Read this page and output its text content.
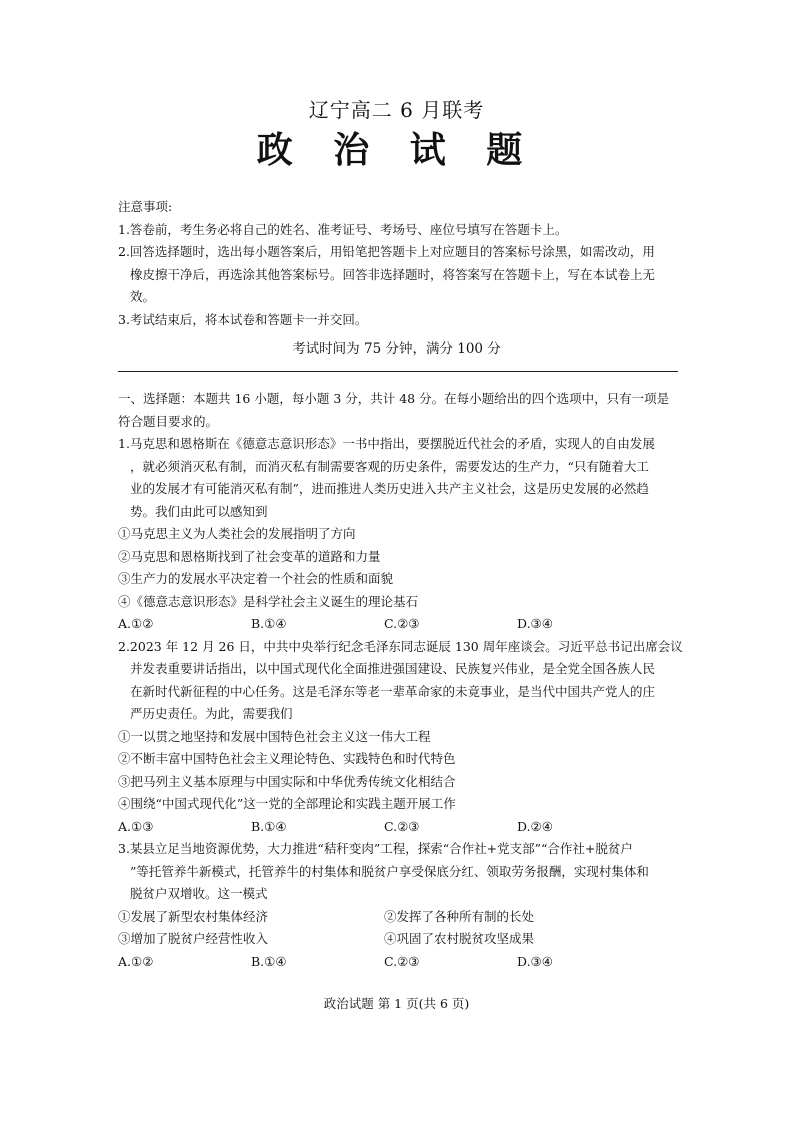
辽宁高二 6 月联考
政 治 试 题
注意事项:
1.答卷前，考生务必将自己的姓名、准考证号、考场号、座位号填写在答题卡上。
2.回答选择题时，选出每小题答案后，用铅笔把答题卡上对应题目的答案标号涂黑，如需改动，用
橡皮擦干净后，再选涂其他答案标号。回答非选择题时，将答案写在答题卡上，写在本试卷上无
效。
3.考试结束后，将本试卷和答题卡一并交回。
考试时间为 75 分钟，满分 100 分
一、选择题：本题共 16 小题，每小题 3 分，共计 48 分。在每小题给出的四个选项中，只有一项是
符合题目要求的。
1.马克思和恩格斯在《德意志意识形态》一书中指出，要摆脱近代社会的矛盾，实现人的自由发展
，就必须消灭私有制，而消灭私有制需要客观的历史条件，需要发达的生产力，“只有随着大工
业的发展才有可能消灭私有制”，进而推进人类历史进入共产主义社会，这是历史发展的必然趋
势。我们由此可以感知到
①马克思主义为人类社会的发展指明了方向
②马克思和恩格斯找到了社会变革的道路和力量
③生产力的发展水平决定着一个社会的性质和面貌
④《德意志意识形态》是科学社会主义诞生的理论基石
A.①②	B.①④	C.②③	D.③④
2.2023 年 12 月 26 日，中共中央举行纪念毛泽东同志诞辰 130 周年座谈会。习近平总书记出席会议
并发表重要讲话指出，以中国式现代化全面推进强国建设、民族复兴伟业，是全党全国各族人民
在新时代新征程的中心任务。这是毛泽东等老一辈革命家的未竟事业，是当代中国共产党人的庄
严历史责任。为此，需要我们
①一以贯之地坚持和发展中国特色社会主义这一伟大工程
②不断丰富中国特色社会主义理论特色、实践特色和时代特色
③把马列主义基本原理与中国实际和中华优秀传统文化相结合
④围绕“中国式现代化”这一党的全部理论和实践主题开展工作
A.①③	B.①④	C.②③	D.②④
3.某县立足当地资源优势，大力推进“秸秆变肉”工程，探索“合作社+党支部”“合作社+脱贫户
”等托管养牛新模式，托管养牛的村集体和脱贫户享受保底分红、领取劳务报酬，实现村集体和
脱贫户双增收。这一模式
①发展了新型农村集体经济	②发挥了各种所有制的长处
③增加了脱贫户经营性收入	④巩固了农村脱贫攻坚成果
A.①②	B.①④	C.②③	D.③④
政治试题 第 1 页(共 6 页)
